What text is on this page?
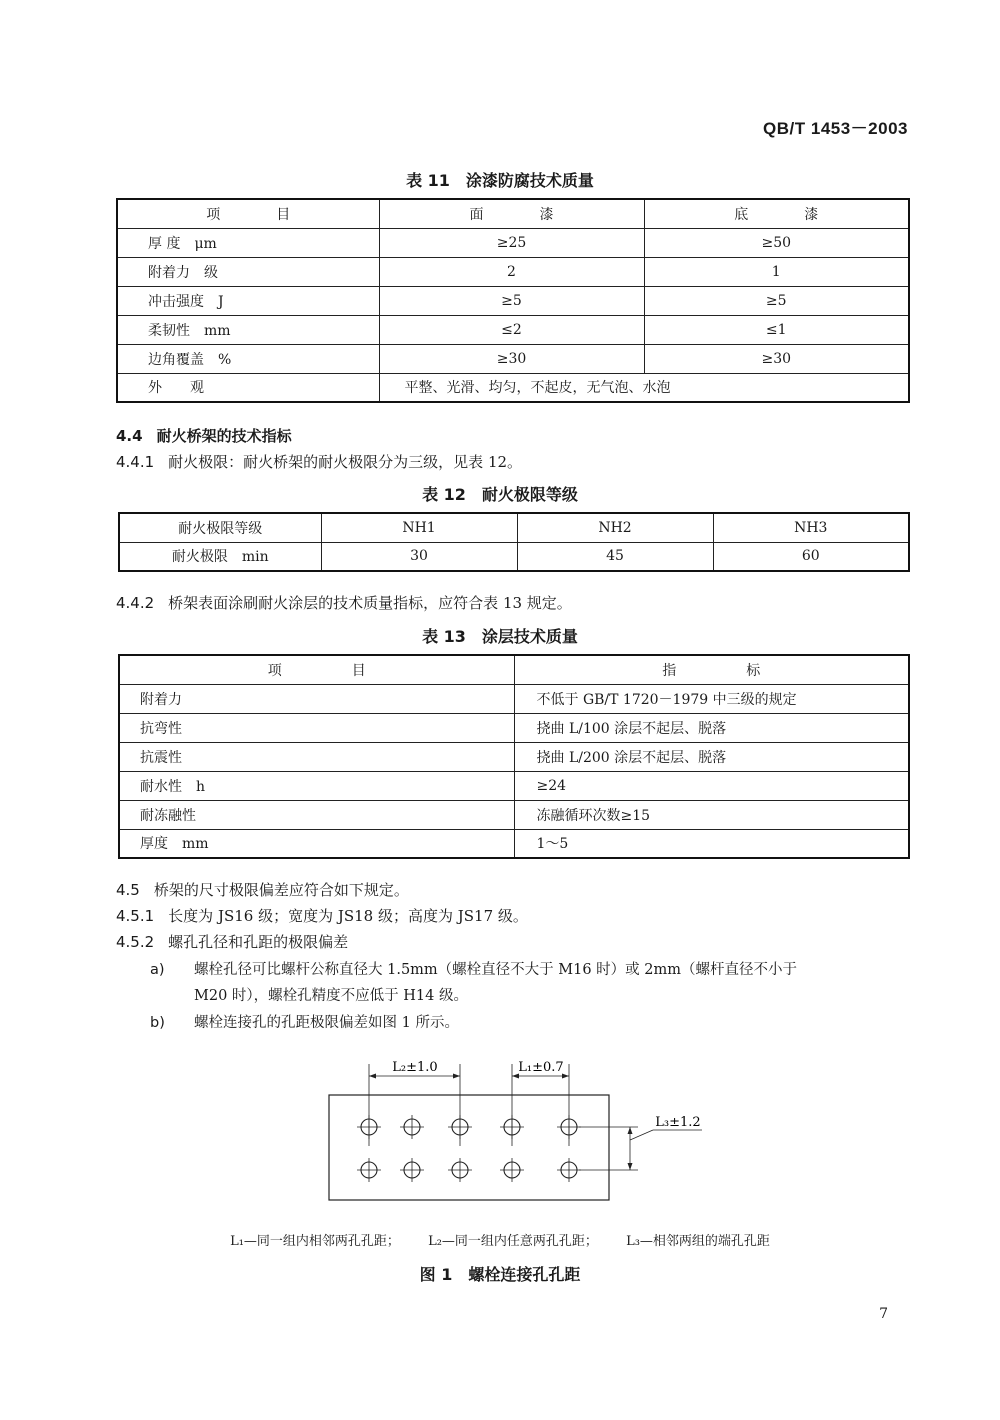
QB/T 1453－2003
表 11　涂漆防腐技术质量
项　　　　目	面　　　　漆	底　　　　漆
厚 度　μm	≥25	≥50
附着力　级	2	1
冲击强度　J	≥5	≥5
柔韧性　mm	≤2	≤1
边角覆盖　%	≥30	≥30
外　　观	平整、光滑、均匀，不起皮，无气泡、水泡	
4.4 耐火桥架的技术指标
4.4.1 耐火极限：耐火桥架的耐火极限分为三级，见表 12。
表 12　耐火极限等级
耐火极限等级	NH1	NH2	NH3
耐火极限　min	30	45	60
4.4.2 桥架表面涂刷耐火涂层的技术质量指标，应符合表 13 规定。
表 13　涂层技术质量
项　　　　　目	指　　　　　标
附着力	不低于 GB/T 1720－1979 中三级的规定
抗弯性	挠曲 L/100 涂层不起层、脱落
抗震性	挠曲 L/200 涂层不起层、脱落
耐水性　h	≥24
耐冻融性	冻融循环次数≥15
厚度　mm	1～5
4.5 桥架的尺寸极限偏差应符合如下规定。
4.5.1 长度为 JS16 级；宽度为 JS18 级；高度为 JS17 级。
4.5.2 螺孔孔径和孔距的极限偏差
a) 螺栓孔径可比螺杆公称直径大 1.5mm（螺栓直径不大于 M16 时）或 2mm（螺杆直径不小于
M20 时），螺栓孔精度不应低于 H14 级。
b) 螺栓连接孔的孔距极限偏差如图 1 所示。
L₂±1.0	L₁±0.7
L₃±1.2
L₁—同一组内相邻两孔孔距； L₂—同一组内任意两孔孔距； L₃—相邻两组的端孔孔距
图 1　螺栓连接孔孔距
7
